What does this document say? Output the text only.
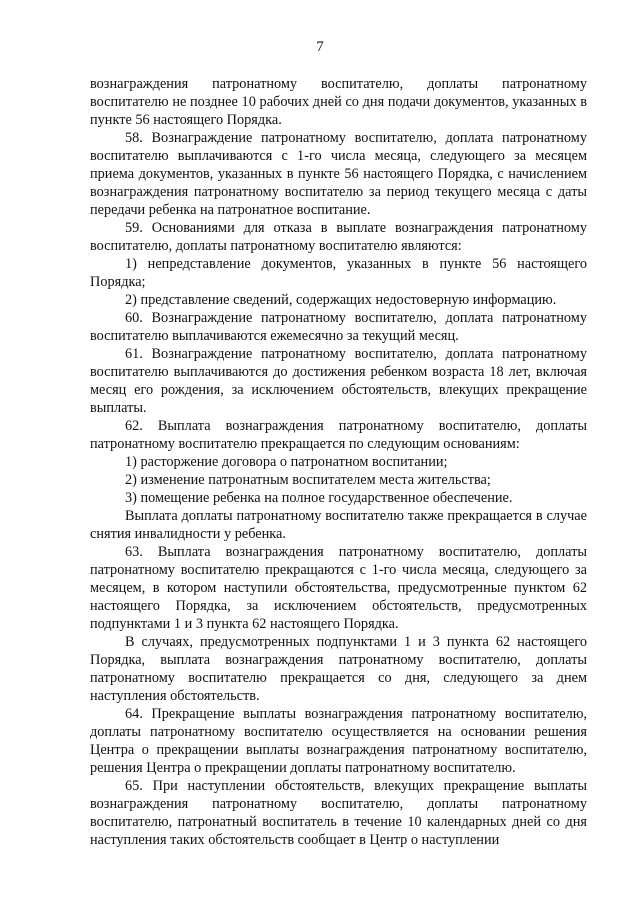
7

вознаграждения патронатному воспитателю, доплаты патронатному воспитателю не позднее 10 рабочих дней со дня подачи документов, указанных в пункте 56 настоящего Порядка.

58. Вознаграждение патронатному воспитателю, доплата патронатному воспитателю выплачиваются с 1-го числа месяца, следующего за месяцем приема документов, указанных в пункте 56 настоящего Порядка, с начислением вознаграждения патронатному воспитателю за период текущего месяца с даты передачи ребенка на патронатное воспитание.

59. Основаниями для отказа в выплате вознаграждения патронатному воспитателю, доплаты патронатному воспитателю являются:

1) непредставление документов, указанных в пункте 56 настоящего Порядка;

2) представление сведений, содержащих недостоверную информацию.

60. Вознаграждение патронатному воспитателю, доплата патронатному воспитателю выплачиваются ежемесячно за текущий месяц.

61. Вознаграждение патронатному воспитателю, доплата патронатному воспитателю выплачиваются до достижения ребенком возраста 18 лет, включая месяц его рождения, за исключением обстоятельств, влекущих прекращение выплаты.

62. Выплата вознаграждения патронатному воспитателю, доплаты патронатному воспитателю прекращается по следующим основаниям:

1) расторжение договора о патронатном воспитании;

2) изменение патронатным воспитателем места жительства;

3) помещение ребенка на полное государственное обеспечение.

Выплата доплаты патронатному воспитателю также прекращается в случае снятия инвалидности у ребенка.

63. Выплата вознаграждения патронатному воспитателю, доплаты патронатному воспитателю прекращаются с 1-го числа месяца, следующего за месяцем, в котором наступили обстоятельства, предусмотренные пунктом 62 настоящего Порядка, за исключением обстоятельств, предусмотренных подпунктами 1 и 3 пункта 62 настоящего Порядка.

В случаях, предусмотренных подпунктами 1 и 3 пункта 62 настоящего Порядка, выплата вознаграждения патронатному воспитателю, доплаты патронатному воспитателю прекращается со дня, следующего за днем наступления обстоятельств.

64. Прекращение выплаты вознаграждения патронатному воспитателю, доплаты патронатному воспитателю осуществляется на основании решения Центра о прекращении выплаты вознаграждения патронатному воспитателю, решения Центра о прекращении доплаты патронатному воспитателю.

65. При наступлении обстоятельств, влекущих прекращение выплаты вознаграждения патронатному воспитателю, доплаты патронатному воспитателю, патронатный воспитатель в течение 10 календарных дней со дня наступления таких обстоятельств сообщает в Центр о наступлении
